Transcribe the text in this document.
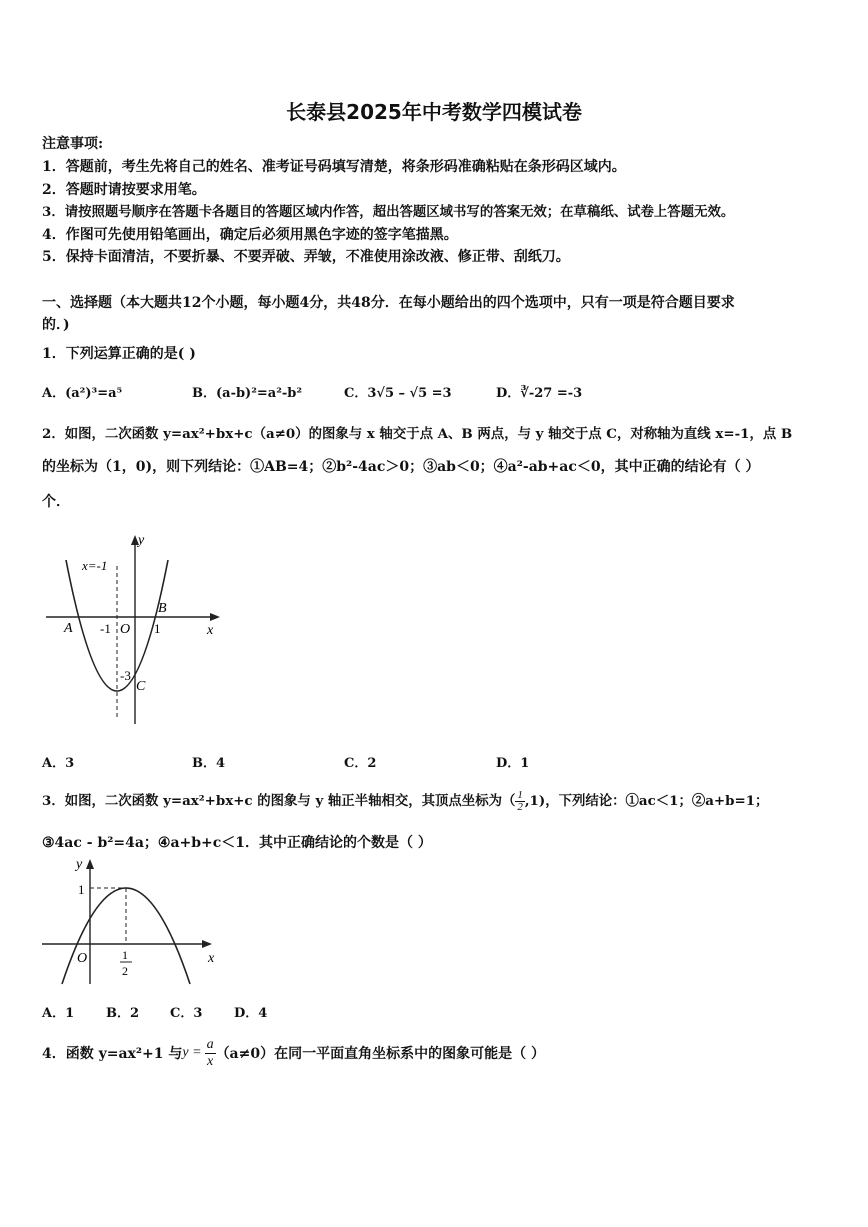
长泰县2025年中考数学四模试卷
注意事项:
1．答题前，考生先将自己的姓名、准考证号码填写清楚，将条形码准确粘贴在条形码区域内。
2．答题时请按要求用笔。
3．请按照题号顺序在答题卡各题目的答题区域内作答，超出答题区域书写的答案无效；在草稿纸、试卷上答题无效。
4．作图可先使用铅笔画出，确定后必须用黑色字迹的签字笔描黑。
5．保持卡面清洁，不要折暴、不要弄破、弄皱，不准使用涂改液、修正带、刮纸刀。
一、选择题（本大题共12个小题，每小题4分，共48分．在每小题给出的四个选项中，只有一项是符合题目要求
的．)
1．下列运算正确的是( )
A．(a²)³=a⁵	B．(a-b)²=a²-b²	C．3√5 – √5 =3	D．∛-27 =-3
2．如图，二次函数 y=ax²+bx+c（a≠0）的图象与 x 轴交于点 A、B 两点，与 y 轴交于点 C，对称轴为直线 x=-1，点 B
的坐标为（1，0)，则下列结论：①AB=4；②b²-4ac＞0；③ab＜0；④a²-ab+ac＜0，其中正确的结论有（ ）
个．
y
x
x=-1
A
B
C
O
-1	1
-3
A．3	B．4	C．2	D．1
3．如图，二次函数 y=ax²+bx+c 的图象与 y 轴正半轴相交，其顶点坐标为（ $\frac{1}{2} ,1$)，下列结论：①ac＜1；②a+b=1；
③4ac - b²=4a；④a+b+c＜1．其中正确结论的个数是（ ）
y
x
O
1
1
2
A．1 B．2 C．3 D．4
4．函数 y=ax²+1 与 $y = \frac{a}{x} (a\ne 0)$在同一平面直角坐标系中的图象可能是（ ）
